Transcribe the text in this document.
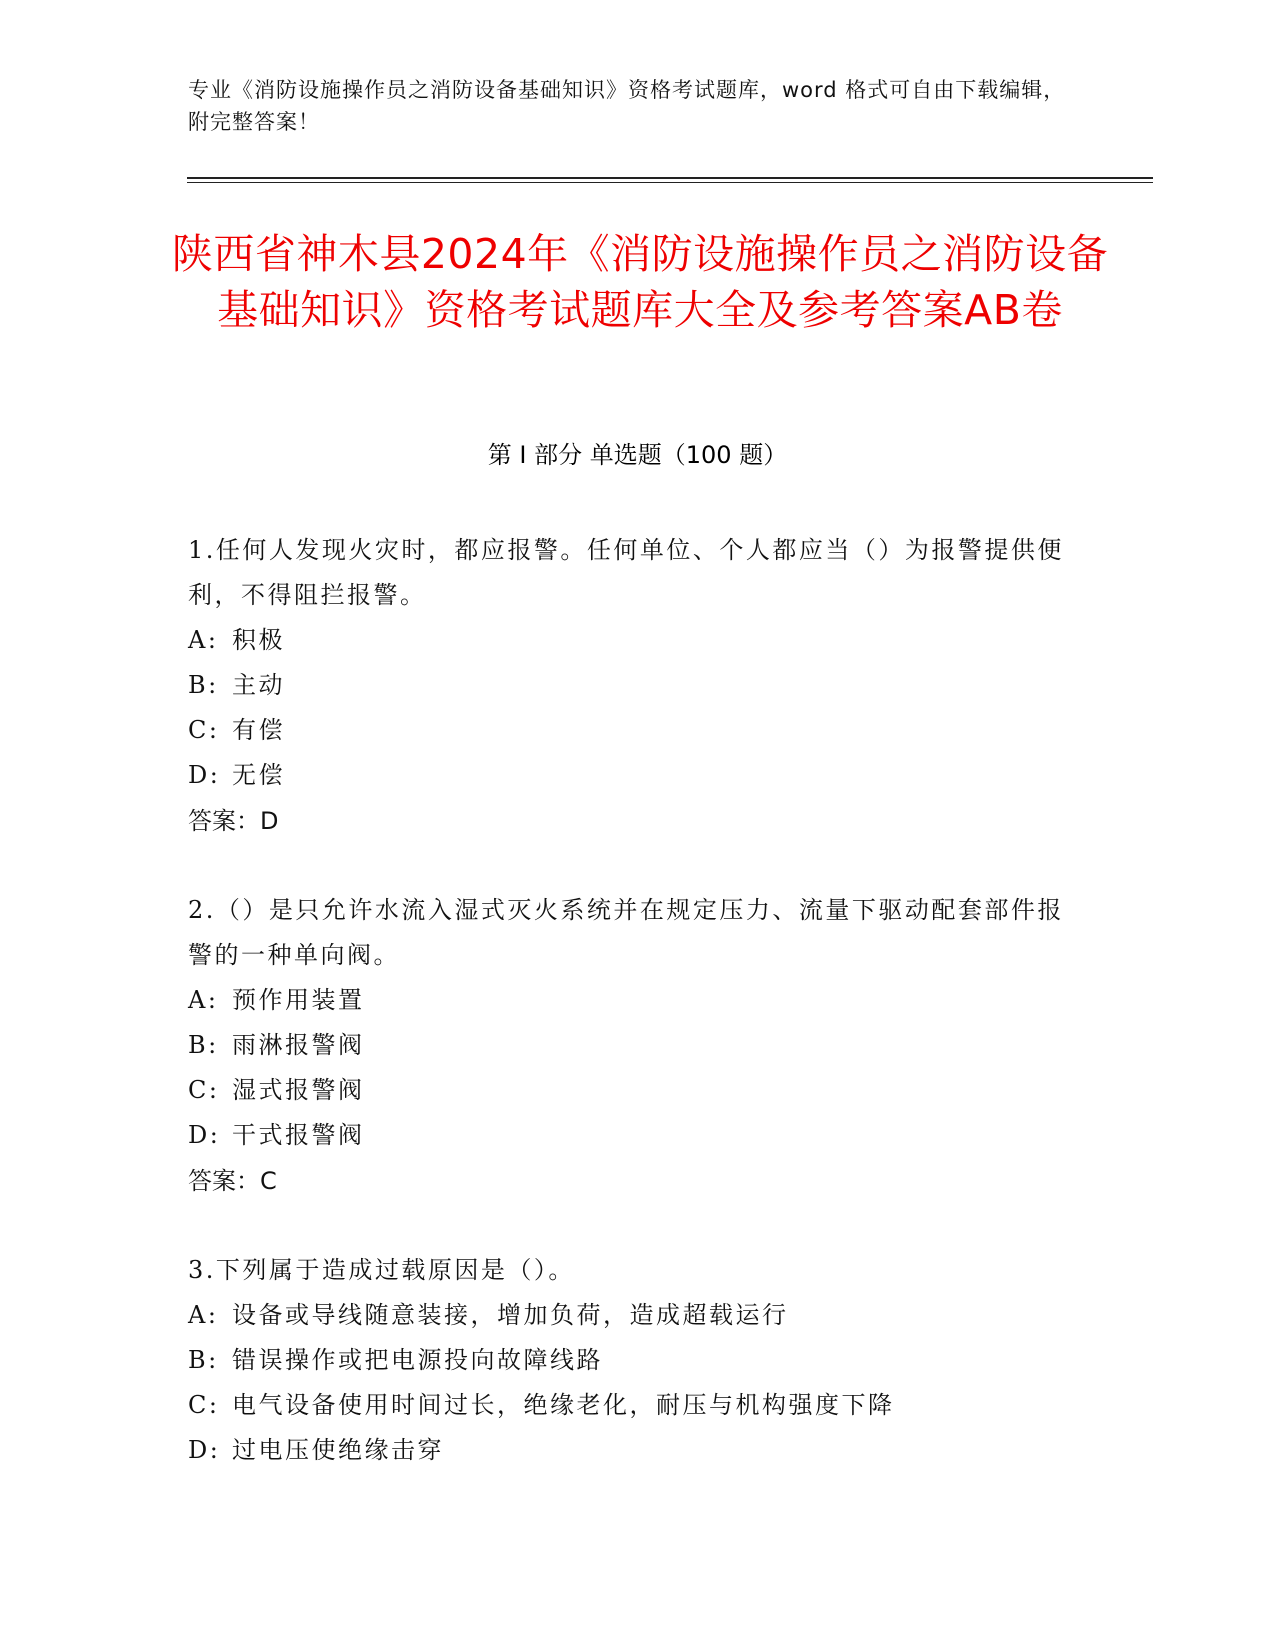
专业《消防设施操作员之消防设备基础知识》资格考试题库，word 格式可自由下载编辑，附完整答案！
陕西省神木县2024年《消防设施操作员之消防设备基础知识》资格考试题库大全及参考答案AB卷
第 I 部分 单选题（100 题）
1.任何人发现火灾时，都应报警。任何单位、个人都应当（）为报警提供便利，不得阻拦报警。
A: 积极
B: 主动
C: 有偿
D: 无偿
答案：D
2.（）是只允许水流入湿式灭火系统并在规定压力、流量下驱动配套部件报警的一种单向阀。
A: 预作用装置
B: 雨淋报警阀
C: 湿式报警阀
D: 干式报警阀
答案：C
3.下列属于造成过载原因是（）。
A: 设备或导线随意装接，增加负荷，造成超载运行
B: 错误操作或把电源投向故障线路
C: 电气设备使用时间过长，绝缘老化，耐压与机构强度下降
D: 过电压使绝缘击穿
